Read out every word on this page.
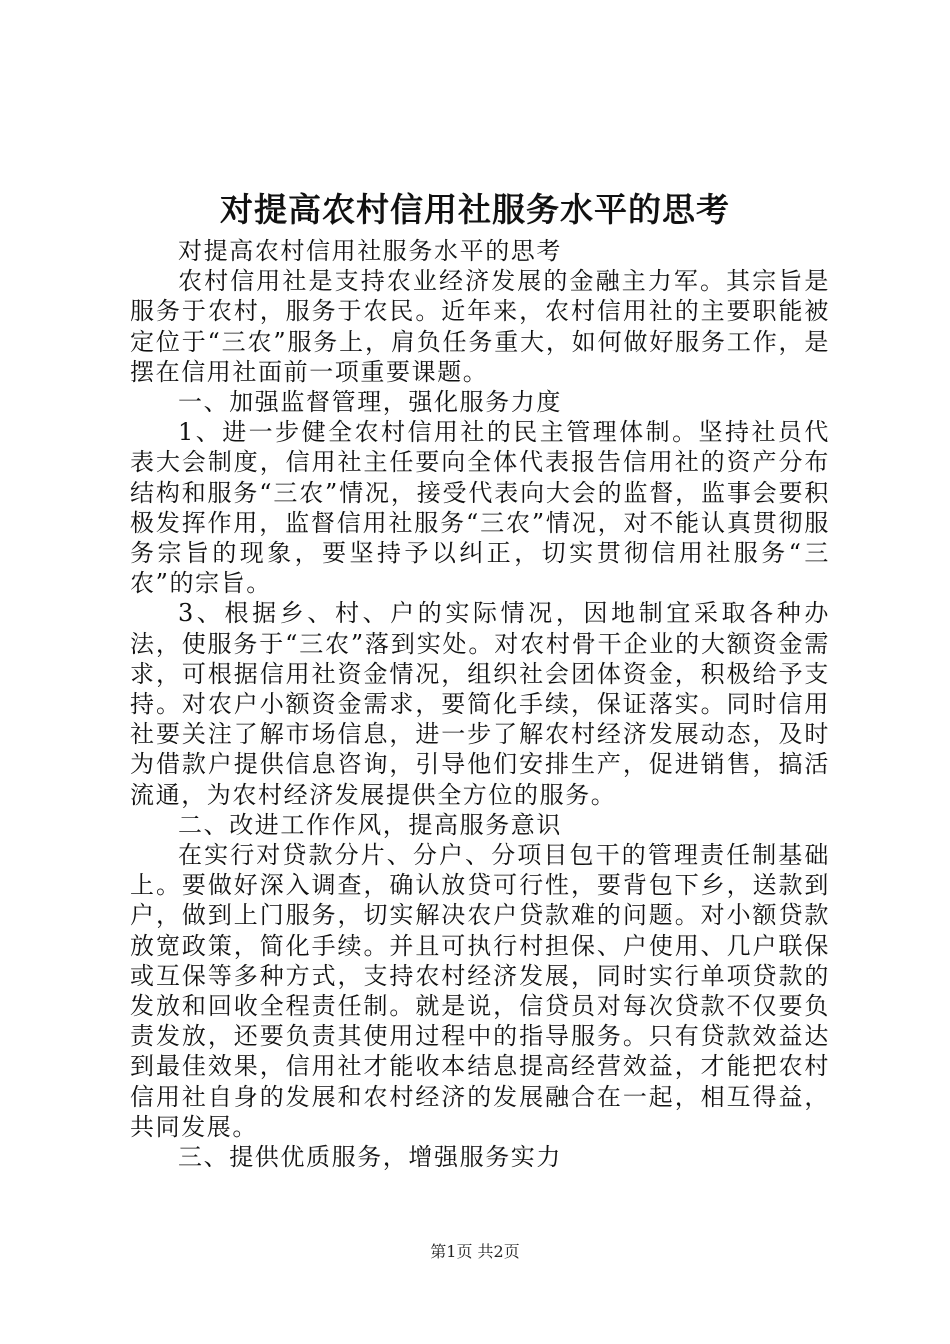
对提高农村信用社服务水平的思考

对提高农村信用社服务水平的思考

农村信用社是支持农业经济发展的金融主力军。其宗旨是服务于农村，服务于农民。近年来，农村信用社的主要职能被定位于“三农”服务上，肩负任务重大，如何做好服务工作，是摆在信用社面前一项重要课题。

一、加强监督管理，强化服务力度

1、进一步健全农村信用社的民主管理体制。坚持社员代表大会制度，信用社主任要向全体代表报告信用社的资产分布结构和服务“三农”情况，接受代表向大会的监督，监事会要积极发挥作用，监督信用社服务“三农”情况，对不能认真贯彻服务宗旨的现象，要坚持予以纠正，切实贯彻信用社服务“三农”的宗旨。

3、根据乡、村、户的实际情况，因地制宜采取各种办法，使服务于“三农”落到实处。对农村骨干企业的大额资金需求，可根据信用社资金情况，组织社会团体资金，积极给予支持。对农户小额资金需求，要简化手续，保证落实。同时信用社要关注了解市场信息，进一步了解农村经济发展动态，及时为借款户提供信息咨询，引导他们安排生产，促进销售，搞活流通，为农村经济发展提供全方位的服务。

二、改进工作作风，提高服务意识

在实行对贷款分片、分户、分项目包干的管理责任制基础上。要做好深入调查，确认放贷可行性，要背包下乡，送款到户，做到上门服务，切实解决农户贷款难的问题。对小额贷款放宽政策，简化手续。并且可执行村担保、户使用、几户联保或互保等多种方式，支持农村经济发展，同时实行单项贷款的发放和回收全程责任制。就是说，信贷员对每次贷款不仅要负责发放，还要负责其使用过程中的指导服务。只有贷款效益达到最佳效果，信用社才能收本结息提高经营效益，才能把农村信用社自身的发展和农村经济的发展融合在一起，相互得益，共同发展。

三、提供优质服务，增强服务实力

第1页 共2页
